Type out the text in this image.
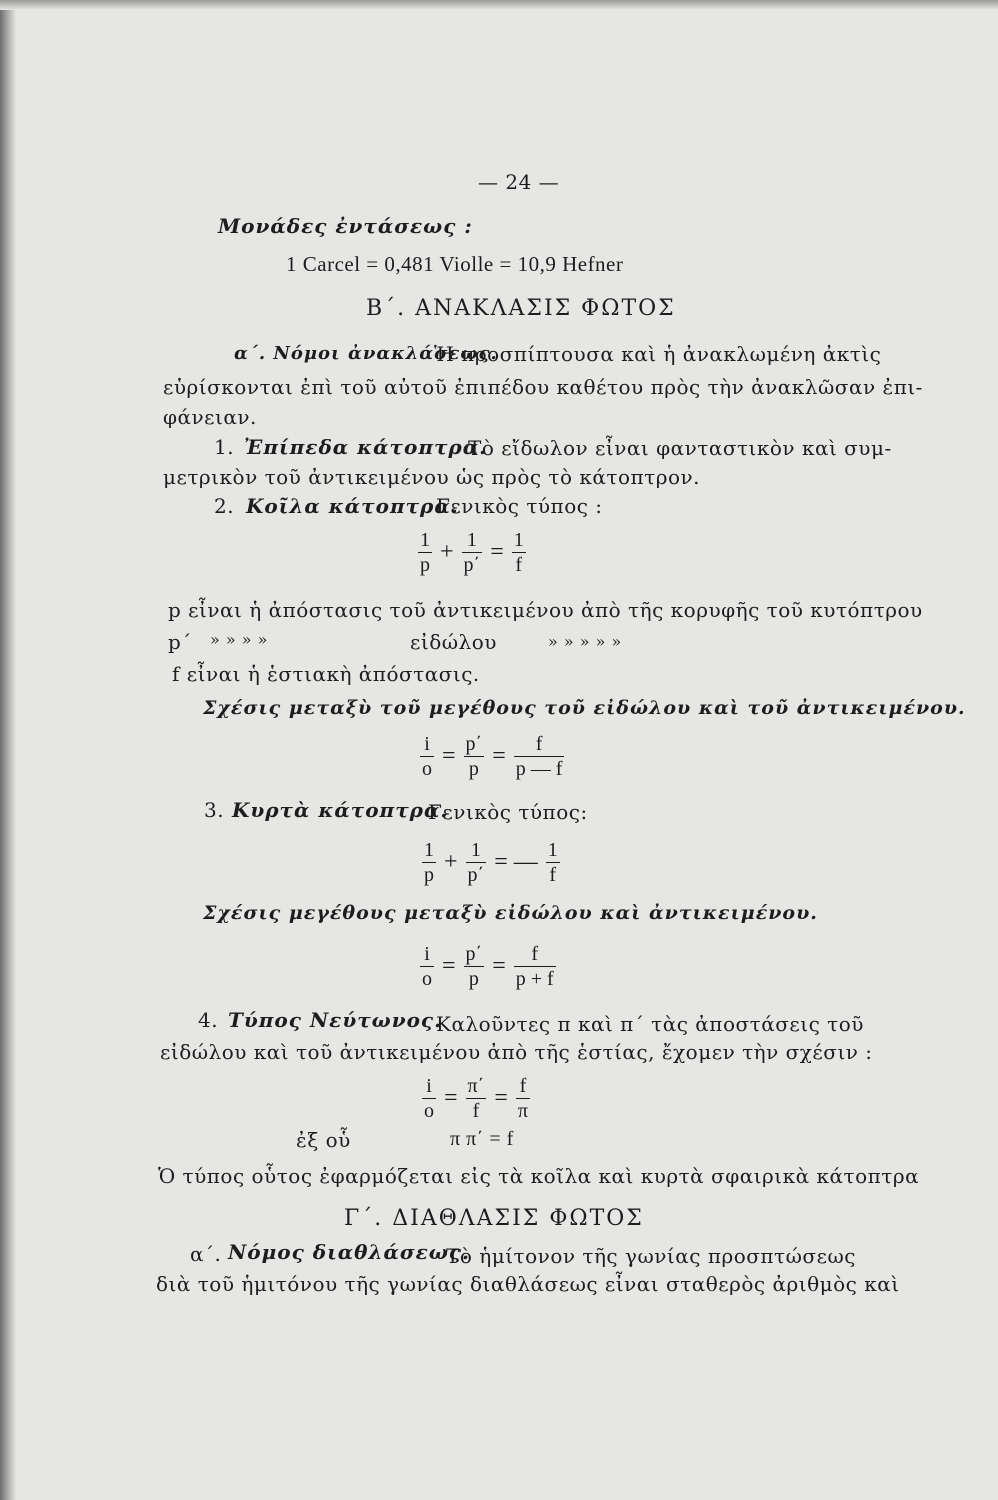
— 24 —
Μονάδες ἐντάσεως :
1 Carcel = 0,481 Violle = 10,9 Hefner
Β΄. ΑΝΑΚΛΑΣΙΣ ΦΩΤΟΣ
α΄. Νόμοι ἀνακλάσεως.
Ἡ προσπίπτουσα καὶ ἡ ἀνακλωμένη ἀκτὶς
εὑρίσκονται ἐπὶ τοῦ αὐτοῦ ἐπιπέδου καθέτου πρὸς τὴν ἀνακλῶσαν ἐπι-
φάνειαν.
1. Ἐπίπεδα κάτοπτρα.
Τὸ εἴδωλον εἶναι φανταστικὸν καὶ συμ-
μετρικὸν τοῦ ἀντικειμένου ὡς πρὸς τὸ κάτοπτρον.
2. Κοῖλα κάτοπτρα.
Γενικὸς τύπος :
$\frac{1}{p} + \frac{1}{p΄} = \frac{1}{f}$
p εἶναι ἡ ἀπόστασις τοῦ ἀντικειμένου ἀπὸ τῆς κορυφῆς τοῦ κυτόπτρου
p΄ » » » »	εἰδώλου	» » » » »
f εἶναι ἡ ἑστιακὴ ἀπόστασις.
Σχέσις μεταξὺ τοῦ μεγέθους τοῦ εἰδώλου καὶ τοῦ ἀντικειμένου.
$\frac{i}{o} = \frac{p΄}{p} = \frac{f}{p — f}$
3. Κυρτὰ κάτοπτρα.
Γενικὸς τύπος:
$\frac{1}{p} + \frac{1}{p΄}$ = — $\frac{1}{f}$
Σχέσις μεγέθους μεταξὺ εἰδώλου καὶ ἀντικειμένου.
$\frac{i}{o} = \frac{p΄}{p} = \frac{f}{p + f}$
4. Τύπος Νεύτωνος.
Καλοῦντες π καὶ π΄ τὰς ἀποστάσεις τοῦ
εἰδώλου καὶ τοῦ ἀντικειμένου ἀπὸ τῆς ἑστίας, ἔχομεν τὴν σχέσιν :
$\frac{i}{o} = \frac{\pi΄}{f} = \frac{f}{\pi}$
ἐξ οὗ	π π΄ = f
Ὁ τύπος οὗτος ἐφαρμόζεται εἰς τὰ κοῖλα καὶ κυρτὰ σφαιρικὰ κάτοπτρα
Γ΄. ΔΙΑΘΛΑΣΙΣ ΦΩΤΟΣ
α΄. Νόμος διαθλάσεως.
Τὸ ἡμίτονον τῆς γωνίας προσπτώσεως
διὰ τοῦ ἡμιτόνου τῆς γωνίας διαθλάσεως εἶναι σταθερὸς ἀριθμὸς καὶ
